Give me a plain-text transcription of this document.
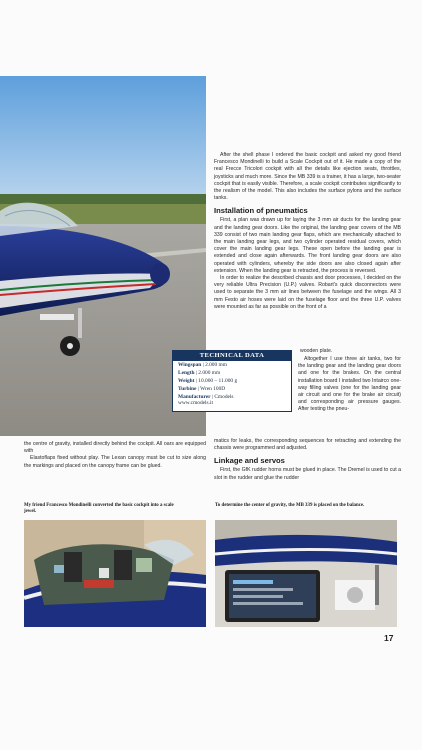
After the shell phase I ordered the basic cockpit and asked my good friend Francesco Mondinelli to build a Scale Cockpit out of it. He made a copy of the real Frecce Tricolori cockpit with all the details like ejection seats, throttles, joysticks and much more. Since the MB 339 is a trainer, it has a large, two-seater cockpit that is easily visible. Therefore, a scale cockpit contributes significantly to the realism of the model. This also includes the surface pylons and the surface tanks.

Installation of pneumatics

First, a plan was drawn up for laying the 3 mm air ducts for the landing gear and the landing gear doors. Like the original, the landing gear covers of the MB 339 consist of two main landing gear flaps, which are mechanically attached to the main landing gear legs, and two cylinder operated residual covers, which cover the main landing gear legs. These open before the landing gear is extended and close again afterwards. The front landing gear doors are also operated with cylinders, whereby the side doors are also closed again after extension. When the landing gear is retracted, the process is reversed.

In order to realize the described chassis and door processes, I decided on the very reliable Ultra Precision (U.P.) valves. Robart's quick disconnectors were used to separate the 3 mm air lines between the fuselage and the wings. All 3 mm Festo air hoses were laid on the fuselage floor and the three U.P. valves were mounted as far as possible on the front of a

wooden plate.

Altogether I use three air tanks, two for the landing gear and the landing gear doors and one for the brakes. On the central installation board I installed two Intairco one-way filling valves (one for the landing gear air circuit and one for the brake air circuit) and corresponding air pressure gauges. After testing the pneu-

matics for leaks, the corresponding sequences for retracting and extending the chassis were programmed and adjusted.

Linkage and servos

First, the GfK rudder horns must be glued in place. The Dremel is used to cut a slot in the rudder and glue the rudder

the centre of gravity, installed directly behind the cockpit. All oars are equipped with

Elastoflaps fixed without play. The Lexan canopy must be cut to size along the markings and placed on the canopy frame can be glued.

TECHNICAL DATA
Wingspan | 2.000 mm
Length | 2.000 mm
Weight | 10.000 – 11.000 g
Turbine | Wren 100D
Manufacturer | Cmodels
www.cmodels.it
My friend Francesco Mondinelli converted the basic cockpit into a scale jewel.
To determine the center of gravity, the MB 339 is placed on the balance.
17
